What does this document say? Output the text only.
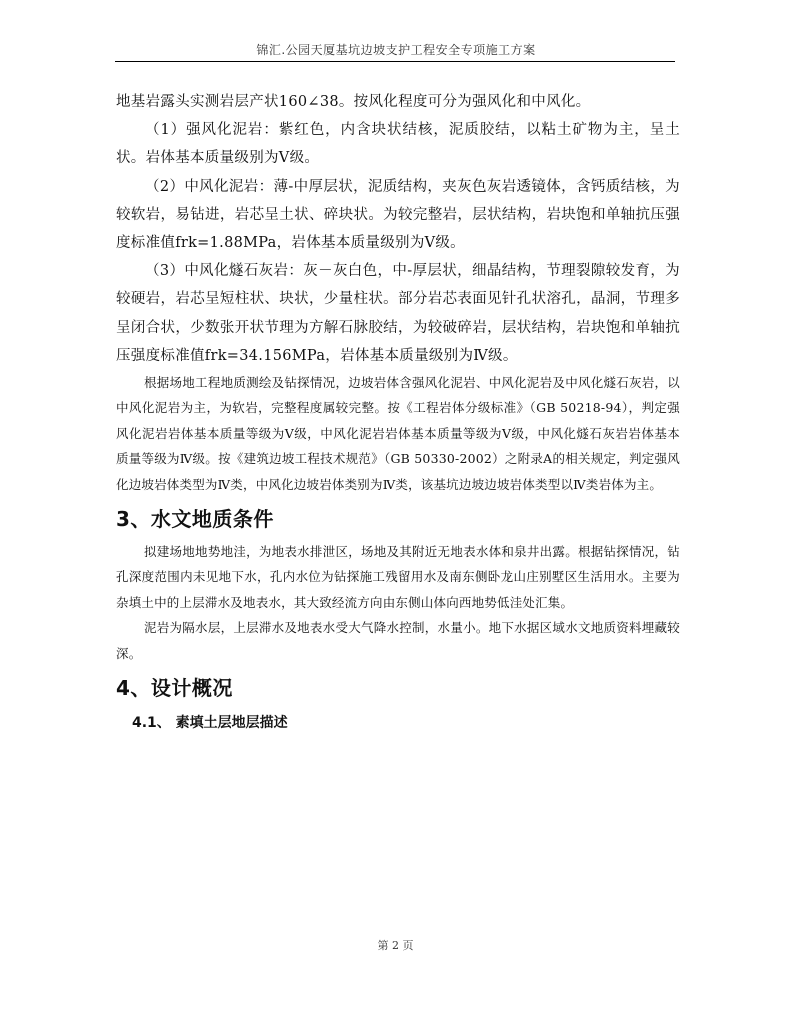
锦汇.公园天厦基坑边坡支护工程安全专项施工方案

地基岩露头实测岩层产状160∠38。按风化程度可分为强风化和中风化。

（1）强风化泥岩：紫红色，内含块状结核，泥质胶结，以粘土矿物为主，呈土状。岩体基本质量级别为Ⅴ级。

（2）中风化泥岩：薄-中厚层状，泥质结构，夹灰色灰岩透镜体，含钙质结核，为较软岩，易钻进，岩芯呈土状、碎块状。为较完整岩，层状结构，岩块饱和单轴抗压强度标准值frk=1.88MPa，岩体基本质量级别为Ⅴ级。

（3）中风化燧石灰岩：灰－灰白色，中-厚层状，细晶结构，节理裂隙较发育，为较硬岩，岩芯呈短柱状、块状，少量柱状。部分岩芯表面见针孔状溶孔，晶洞，节理多呈闭合状，少数张开状节理为方解石脉胶结，为较破碎岩，层状结构，岩块饱和单轴抗压强度标准值frk=34.156MPa，岩体基本质量级别为Ⅳ级。

根据场地工程地质测绘及钻探情况，边坡岩体含强风化泥岩、中风化泥岩及中风化燧石灰岩，以中风化泥岩为主，为软岩，完整程度属较完整。按《工程岩体分级标准》（GB 50218-94），判定强风化泥岩岩体基本质量等级为Ⅴ级，中风化泥岩岩体基本质量等级为Ⅴ级，中风化燧石灰岩岩体基本质量等级为Ⅳ级。按《建筑边坡工程技术规范》（GB 50330-2002）之附录A的相关规定，判定强风化边坡岩体类型为Ⅳ类，中风化边坡岩体类别为Ⅳ类，该基坑边坡边坡岩体类型以Ⅳ类岩体为主。

3、水文地质条件

拟建场地地势地洼，为地表水排泄区，场地及其附近无地表水体和泉井出露。根据钻探情况，钻孔深度范围内未见地下水，孔内水位为钻探施工残留用水及南东侧卧龙山庄别墅区生活用水。主要为杂填土中的上层滞水及地表水，其大致经流方向由东侧山体向西地势低洼处汇集。

泥岩为隔水层，上层滞水及地表水受大气降水控制，水量小。地下水据区域水文地质资料埋藏较深。

4、设计概况
4.1、 素填土层地层描述
第 2 页
